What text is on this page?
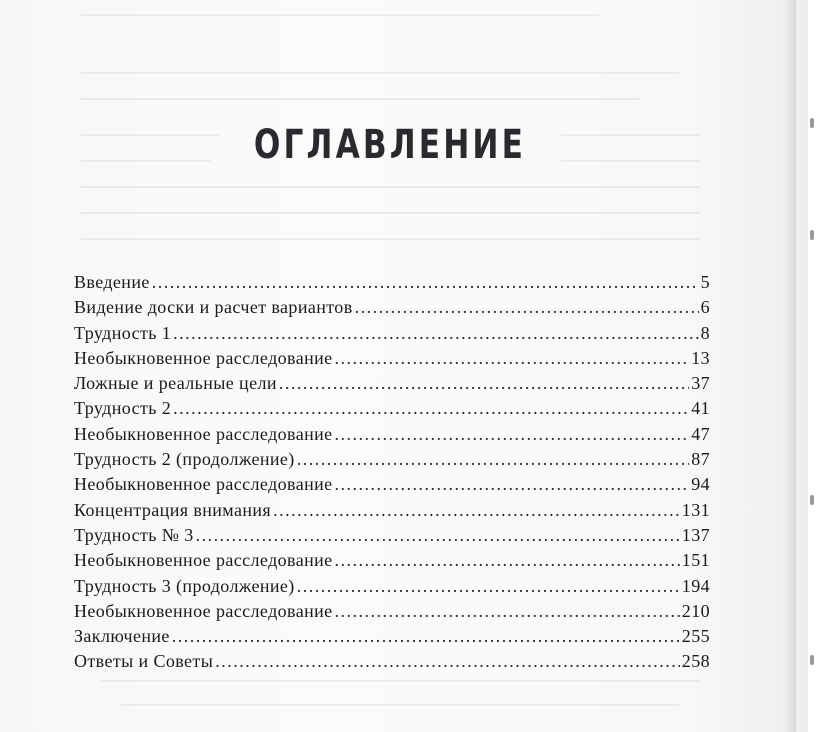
ОГЛАВЛЕНИЕ
Введение .....	5
Видение доски и расчет вариантов .....	6
Трудность 1 .....	8
Необыкновенное расследование .....	13
Ложные и реальные цели .....	37
Трудность 2 .....	41
Необыкновенное расследование .....	47
Трудность 2 (продолжение) .....	87
Необыкновенное расследование .....	94
Концентрация внимания .....	131
Трудность № 3 .....	137
Необыкновенное расследование .....	151
Трудность 3 (продолжение) .....	194
Необыкновенное расследование .....	210
Заключение .....	255
Ответы и Советы .....	258
